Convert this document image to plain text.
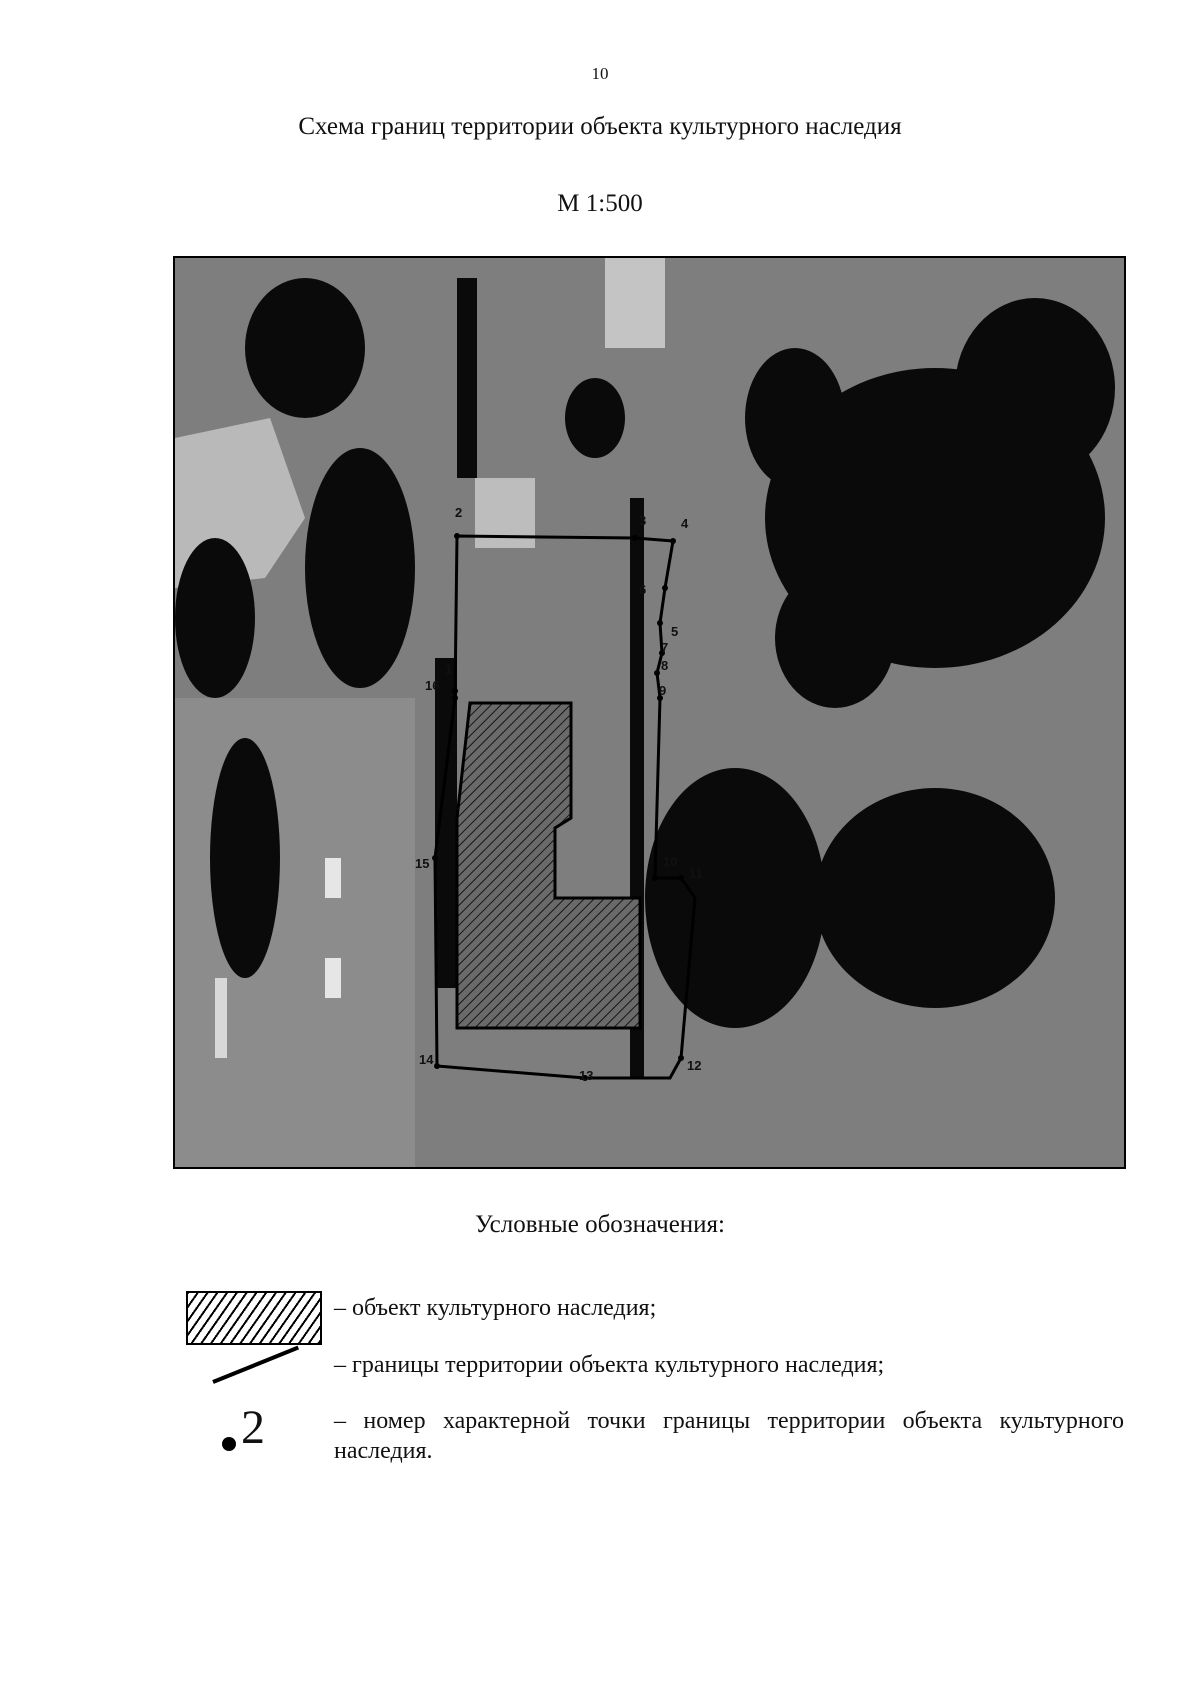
10
Схема границ территории объекта культурного наследия
М 1:500
1
2
3	4
5
6
7
8
9
10
11
12
13
14
15
16
Условные обозначения:
– объект культурного наследия;
– границы территории объекта культурного наследия;
2	– номер характерной точки границы территории объекта культурного наследия.
